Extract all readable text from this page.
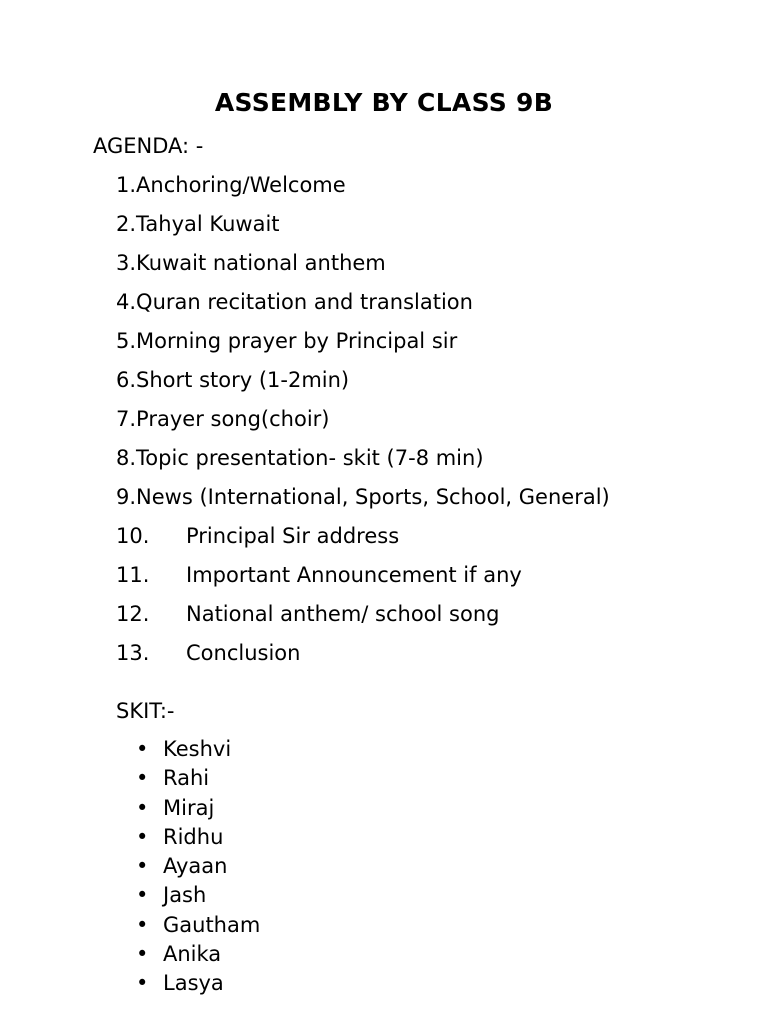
ASSEMBLY BY CLASS 9B
AGENDA: -
1. Anchoring/Welcome
2. Tahyal Kuwait
3. Kuwait national anthem
4. Quran recitation and translation
5. Morning prayer by Principal sir
6. Short story (1-2min)
7. Prayer song(choir)
8. Topic presentation- skit (7-8 min)
9. News (International, Sports, School, General)
10.	Principal Sir address
11.	Important Announcement if any
12.	National anthem/ school song
13.	Conclusion
SKIT:-
• Keshvi
• Rahi
• Miraj
• Ridhu
• Ayaan
• Jash
• Gautham
• Anika
• Lasya
